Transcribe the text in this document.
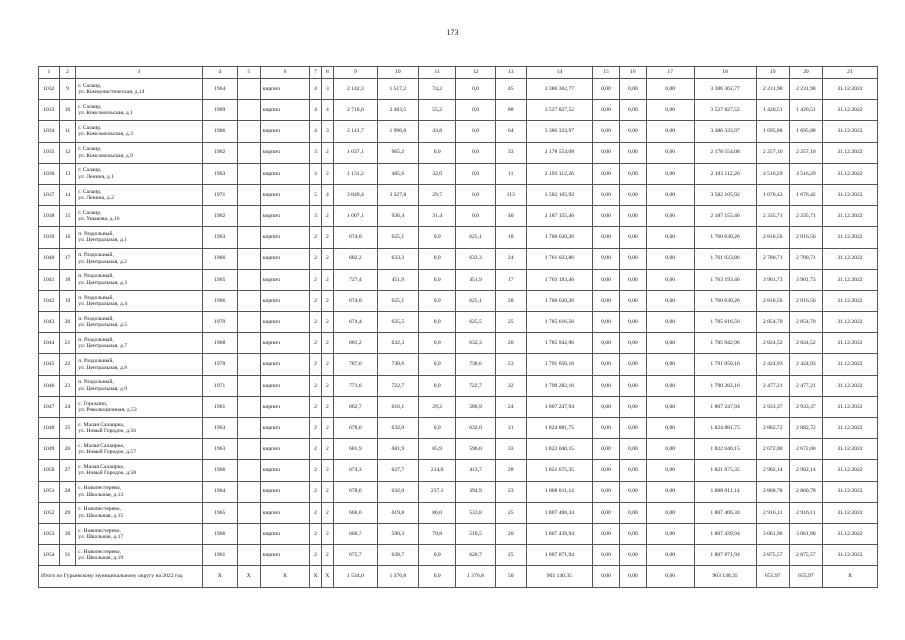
173
1	2	3	4	5	6	7	8	9	10	11	12	13	14	15	16	17	18	19	20	21
1032	9	г. Салаир,
ул. Коммунистическая, д.14	1964		кирпич	4	3	2 142,3	1 517,2	74,2	0,0	45	3 386 362,77	0,00	0,00	0,00	3 386 362,77	2 231,98	2 231,98	31.12.2022
1033	10	г. Салаир,
ул. Комсомольская, д.1	1969		кирпич	4	4	2 718,6	2 483,5	55,2	0,0	88	3 527 827,52	0,00	0,00	0,00	3 527 827,52	1 420,51	1 420,51	31.12.2022
1034	11	г. Салаир,
ул. Комсомольская, д.3	1966		кирпич	4	3	2 141,7	1 996,8	43,8	0,0	64	3 386 333,97	0,00	0,00	0,00	3 386 333,97	1 695,88	1 695,88	31.12.2022
1035	12	г. Салаир,
ул. Комсомольская, д.9	1962		кирпич	3	2	1 037,1	965,2	0,0	0,0	33	2 178 554,08	0,00	0,00	0,00	2 178 554,08	2 257,10	2 257,10	31.12.2022
1036	13	г. Салаир,
ул. Ленина, д.1	1963		кирпич	3	2	1 131,2	485,6	32,0	0,0	11	2 193 112,26	0,00	0,00	0,00	2 193 112,26	4 516,29	4 516,29	31.12.2022
1037	14	г. Салаир,
ул. Ленина, д.2	1971		кирпич	5	4	3 849,4	3 327,8	29,7	0,0	113	3 582 105,92	0,00	0,00	0,00	3 582 105,92	1 076,42	1 076,42	31.12.2022
1038	15	г. Салаир,
ул. Ушакова, д.16	1962		кирпич	3	2	1 007,1	936,4	31,4	0,0	40	2 187 155,46	0,00	0,00	0,00	2 187 155,46	2 335,71	2 335,71	31.12.2022
1039	16	п. Раздольный,
ул. Центральная, д.1	1963		кирпич	2	2	674,0	625,1	0,0	625,1	18	1 760 630,26	0,00	0,00	0,00	1 760 630,26	2 816,56	2 816,56	31.12.2022
1040	17	п. Раздольный,
ул. Центральная, д.2	1966		кирпич	2	2	682,2	633,3	0,0	633,3	24	1 761 023,86	0,00	0,00	0,00	1 761 023,86	2 780,71	2 780,71	31.12.2022
1041	18	п. Раздольный,
ул. Центральная, д.3	1965		кирпич	2	2	727,4	451,9	0,0	451,9	17	1 763 193,46	0,00	0,00	0,00	1 763 193,46	3 901,73	3 901,73	31.12.2022
1042	19	п. Раздольный,
ул. Центральная, д.4	1966		кирпич	2	2	674,0	625,1	0,0	625,1	28	1 760 630,26	0,00	0,00	0,00	1 760 630,26	2 816,56	2 816,56	31.12.2022
1043	20	п. Раздольный,
ул. Центральная, д.5	1970		кирпич	2	2	674,4	625,5	0,0	625,5	25	1 785 616,56	0,00	0,00	0,00	1 785 616,56	2 854,70	2 854,70	31.12.2022
1044	21	п. Раздольный,
ул. Центральная, д.7	1968		кирпич	2	2	681,2	632,3	0,0	632,3	20	1 785 942,96	0,00	0,00	0,00	1 785 942,96	2 824,52	2 824,52	31.12.2022
1045	22	п. Раздольный,
ул. Центральная, д.8	1970		кирпич	2	2	787,6	738,6	0,0	738,6	23	1 791 050,16	0,00	0,00	0,00	1 791 050,16	2 424,93	2 424,93	31.12.2022
1046	23	п. Раздольный,
ул. Центральная, д.9	1971		кирпич	2	2	771,6	722,7	0,0	722,7	32	1 790 282,16	0,00	0,00	0,00	1 790 282,16	2 477,21	2 477,21	31.12.2022
1047	24	с. Горскино,
ул. Революционная, д.53	1961		кирпич	2	2	662,7	616,1	29,2	586,9	24	1 807 247,94	0,00	0,00	0,00	1 807 247,94	2 933,37	2 933,37	31.12.2022
1048	25	с. Малая Салаирка,
ул. Новый Городок, д.56	1963		кирпич	2	2	678,6	632,0	0,0	632,0	31	1 824 881,75	0,00	0,00	0,00	1 824 881,75	2 882,72	2 882,72	31.12.2022
1049	26	с. Малая Салаирка,
ул. Новый Городок, д.57	1963		кирпич	2	2	681,9	681,9	85,9	596,0	33	1 822 040,15	0,00	0,00	0,00	1 822 040,15	2 672,00	2 672,00	31.12.2022
1050	27	с. Малая Салаирка,
ул. Новый Городок, д.58	1966		кирпич	2	2	674,3	627,7	214,0	413,7	28	1 821 675,35	0,00	0,00	0,00	1 821 675,35	2 902,14	2 902,14	31.12.2022
1051	28	с. Новопестерево,
ул. Школьная, д.13	1964		кирпич	2	2	678,6	632,0	237,1	394,9	23	1 808 011,14	0,00	0,00	0,00	1 808 011,14	2 860,78	2 860,78	31.12.2022
1052	29	с. Новопестерево,
ул. Школьная, д.15	1965		кирпич	2	2	666,0	619,8	86,0	533,8	25	1 807 406,34	0,00	0,00	0,00	1 807 406,34	2 916,11	2 916,11	31.12.2022
1053	30	с. Новопестерево,
ул. Школьная, д.17	1966		кирпич	2	2	666,7	590,3	79,8	510,5	20	1 807 439,94	0,00	0,00	0,00	1 807 439,94	3 061,90	3 061,90	31.12.2022
1054	31	с. Новопестерево,
ул. Школьная, д.19	1961		кирпич	2	2	675,7	628,7	0,0	628,7	25	1 807 871,94	0,00	0,00	0,00	1 807 871,94	2 875,57	2 875,57	31.12.2022
Итого по Гурьевскому муниципальному округу на 2022 год			Х	Х	Х	Х	Х	1 534,0	1 376,8	0,0	1 376,8	50	903 140,35	0,00	0,00	0,00	903 140,35	655,97	655,97	Х
